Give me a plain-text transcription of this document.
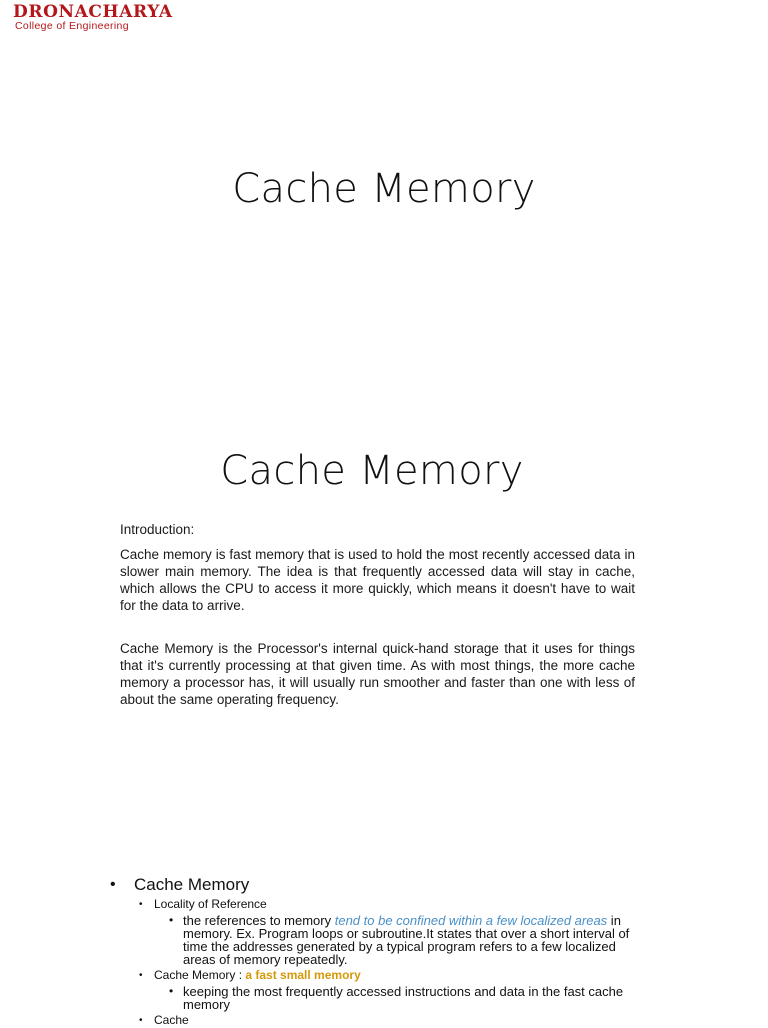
DRONACHARYA
College of Engineering
Cache Memory
Cache Memory
Introduction:
Cache memory is fast memory that is used to hold the most recently accessed data in slower main memory. The idea is that frequently accessed data will stay in cache, which allows the CPU to access it more quickly, which means it doesn't have to wait for the data to arrive.
Cache Memory is the Processor's internal quick-hand storage that it uses for things that it's currently processing at that given time. As with most things, the more cache memory a processor has, it will usually run smoother and faster than one with less of about the same operating frequency.
• Cache Memory
• Locality of Reference
• the references to memory tend to be confined within a few localized areas in memory. Ex. Program loops or subroutine.It states that over a short interval of time the addresses generated by a typical program refers to a few localized areas of memory repeatedly.
• Cache Memory : a fast small memory
• keeping the most frequently accessed instructions and data in the fast cache memory
• Cache
